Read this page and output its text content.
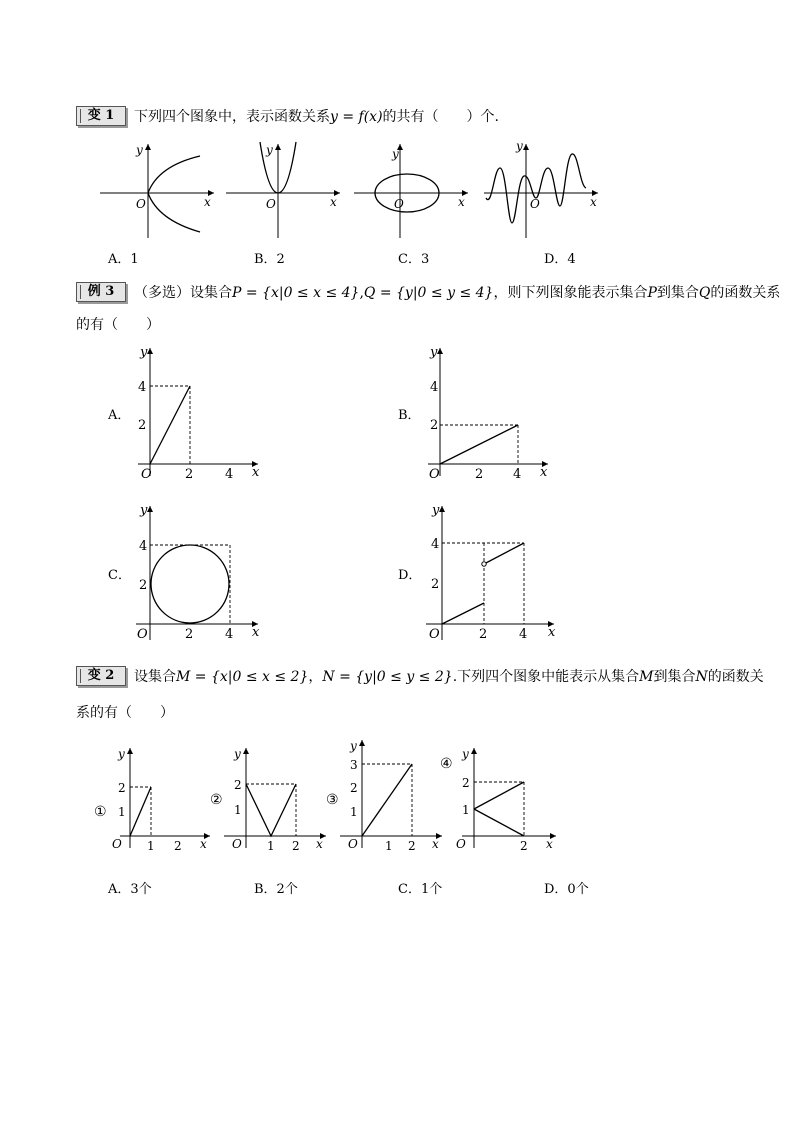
变 1	下列四个图象中，表示函数关系y = f(x)的共有（　　）个.
O	x
y
O	x
y
O	x
y
O	x
y
A．1	B．2	C．3	D．4
例 3	（多选）设集合P = {x|0 ≤ x ≤ 4},Q = {y|0 ≤ y ≤ 4}，则下列图象能表示集合P到集合Q的函数关系
的有（　　）
A．
O	2 4
2
4
x
y
B．
O	2 4
2
4
x
y
C．
O	2 4
2
4
x
y
D．
O	2 4
2
4
x
y
变 2	设集合M = {x|0 ≤ x ≤ 2}，N = {y|0 ≤ y ≤ 2}.下列四个图象中能表示从集合M到集合N的函数关
系的有（　　）
①
O 1 2
1
2
x
y
②
O 1 2
1
2
x
y
③
O 1 2
1
2
3
x
y
④
O	2
1
2
x
y
A．3个	B．2个	C．1个	D．0个
